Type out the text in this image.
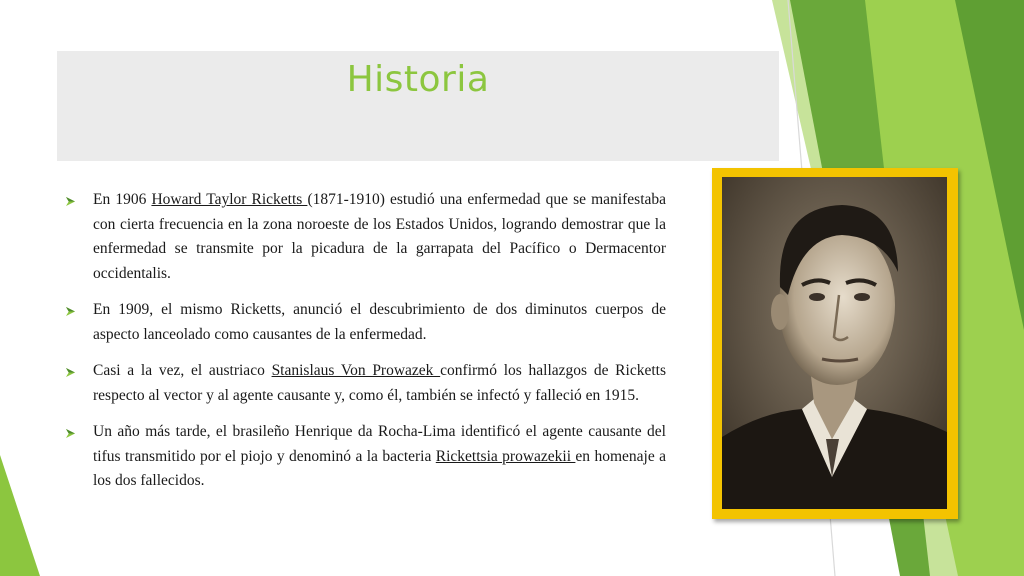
Historia
En 1906 Howard Taylor Ricketts (1871-1910) estudió una enfermedad que se manifestaba con cierta frecuencia en la zona noroeste de los Estados Unidos, logrando demostrar que la enfermedad se transmite por la picadura de la garrapata del Pacífico o Dermacentor occidentalis.
En 1909, el mismo Ricketts, anunció el descubrimiento de dos diminutos cuerpos de aspecto lanceolado como causantes de la enfermedad.
Casi a la vez, el austriaco Stanislaus Von Prowazek confirmó los hallazgos de Ricketts respecto al vector y al agente causante y, como él, también se infectó y falleció en 1915.
Un año más tarde, el brasileño Henrique da Rocha-Lima identificó el agente causante del tifus transmitido por el piojo y denominó a la bacteria Rickettsia prowazekii en homenaje a los dos fallecidos.
